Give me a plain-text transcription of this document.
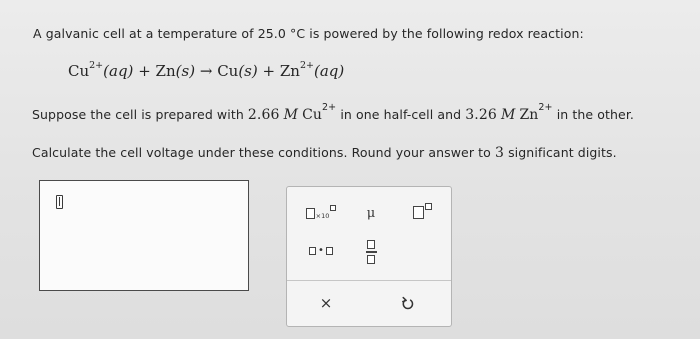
A galvanic cell at a temperature of 25.0 °C is powered by the following redox reaction:
$Cu^{2+}(aq) + Zn(s) \to Cu(s) + Zn^{2+}(aq)$
Suppose the cell is prepared with 2.66 M $Cu^{2+}$ in one half-cell and 3.26 M $Zn^{2+}$ in the other.
Calculate the cell voltage under these conditions. Round your answer to 3 significant digits.
×10	μ
•
×
